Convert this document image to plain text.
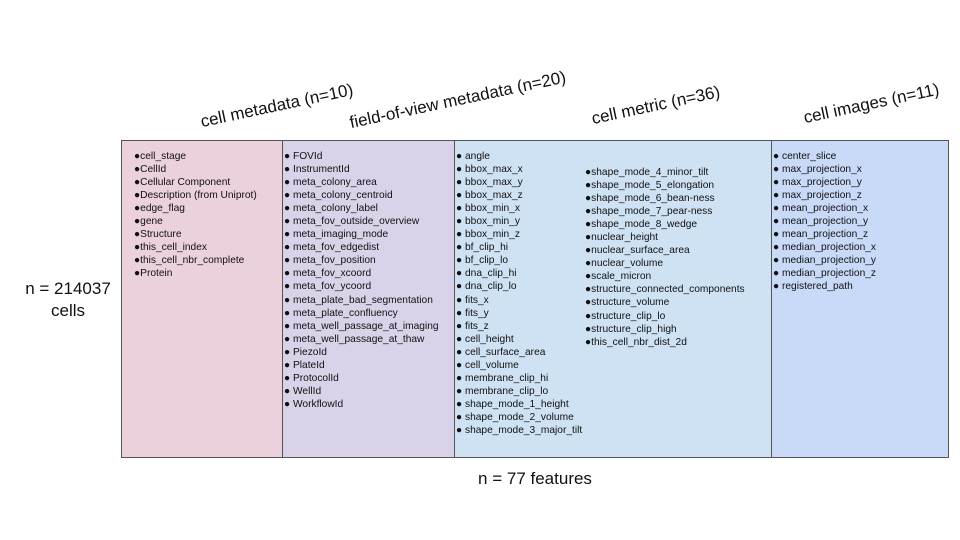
cell metadata (n=10)
field-of-view metadata (n=20) cell metric (n=36)	cell images (n=11)
●cell_stage
●CellId
●Cellular Component
●Description (from Uniprot)
●edge_flag
●gene
●Structure
●this_cell_index
●this_cell_nbr_complete
●Protein
● FOVId
● InstrumentId
● meta_colony_area
● meta_colony_centroid
● meta_colony_label
● meta_fov_outside_overview
● meta_imaging_mode
● meta_fov_edgedist
● meta_fov_position
● meta_fov_xcoord
● meta_fov_ycoord
● meta_plate_bad_segmentation
● meta_plate_confluency
● meta_well_passage_at_imaging
● meta_well_passage_at_thaw
● PiezoId
● PlateId
● ProtocolId
● WellId
● WorkflowId
● angle
● bbox_max_x
● bbox_max_y
● bbox_max_z
● bbox_min_x
● bbox_min_y
● bbox_min_z
● bf_clip_hi
● bf_clip_lo
● dna_clip_hi
● dna_clip_lo
● fits_x
● fits_y
● fits_z
● cell_height
● cell_surface_area
● cell_volume
● membrane_clip_hi
● membrane_clip_lo
● shape_mode_1_height
● shape_mode_2_volume
● shape_mode_3_major_tilt
●shape_mode_4_minor_tilt
●shape_mode_5_elongation
●shape_mode_6_bean-ness
●shape_mode_7_pear-ness
●shape_mode_8_wedge
●nuclear_height
●nuclear_surface_area
●nuclear_volume
●scale_micron
●structure_connected_components
●structure_volume
●structure_clip_lo
●structure_clip_high
●this_cell_nbr_dist_2d
● center_slice
● max_projection_x
● max_projection_y
● max_projection_z
● mean_projection_x
● mean_projection_y
● mean_projection_z
● median_projection_x
● median_projection_y
● median_projection_z
● registered_path
n = 214037
cells
n = 77 features
